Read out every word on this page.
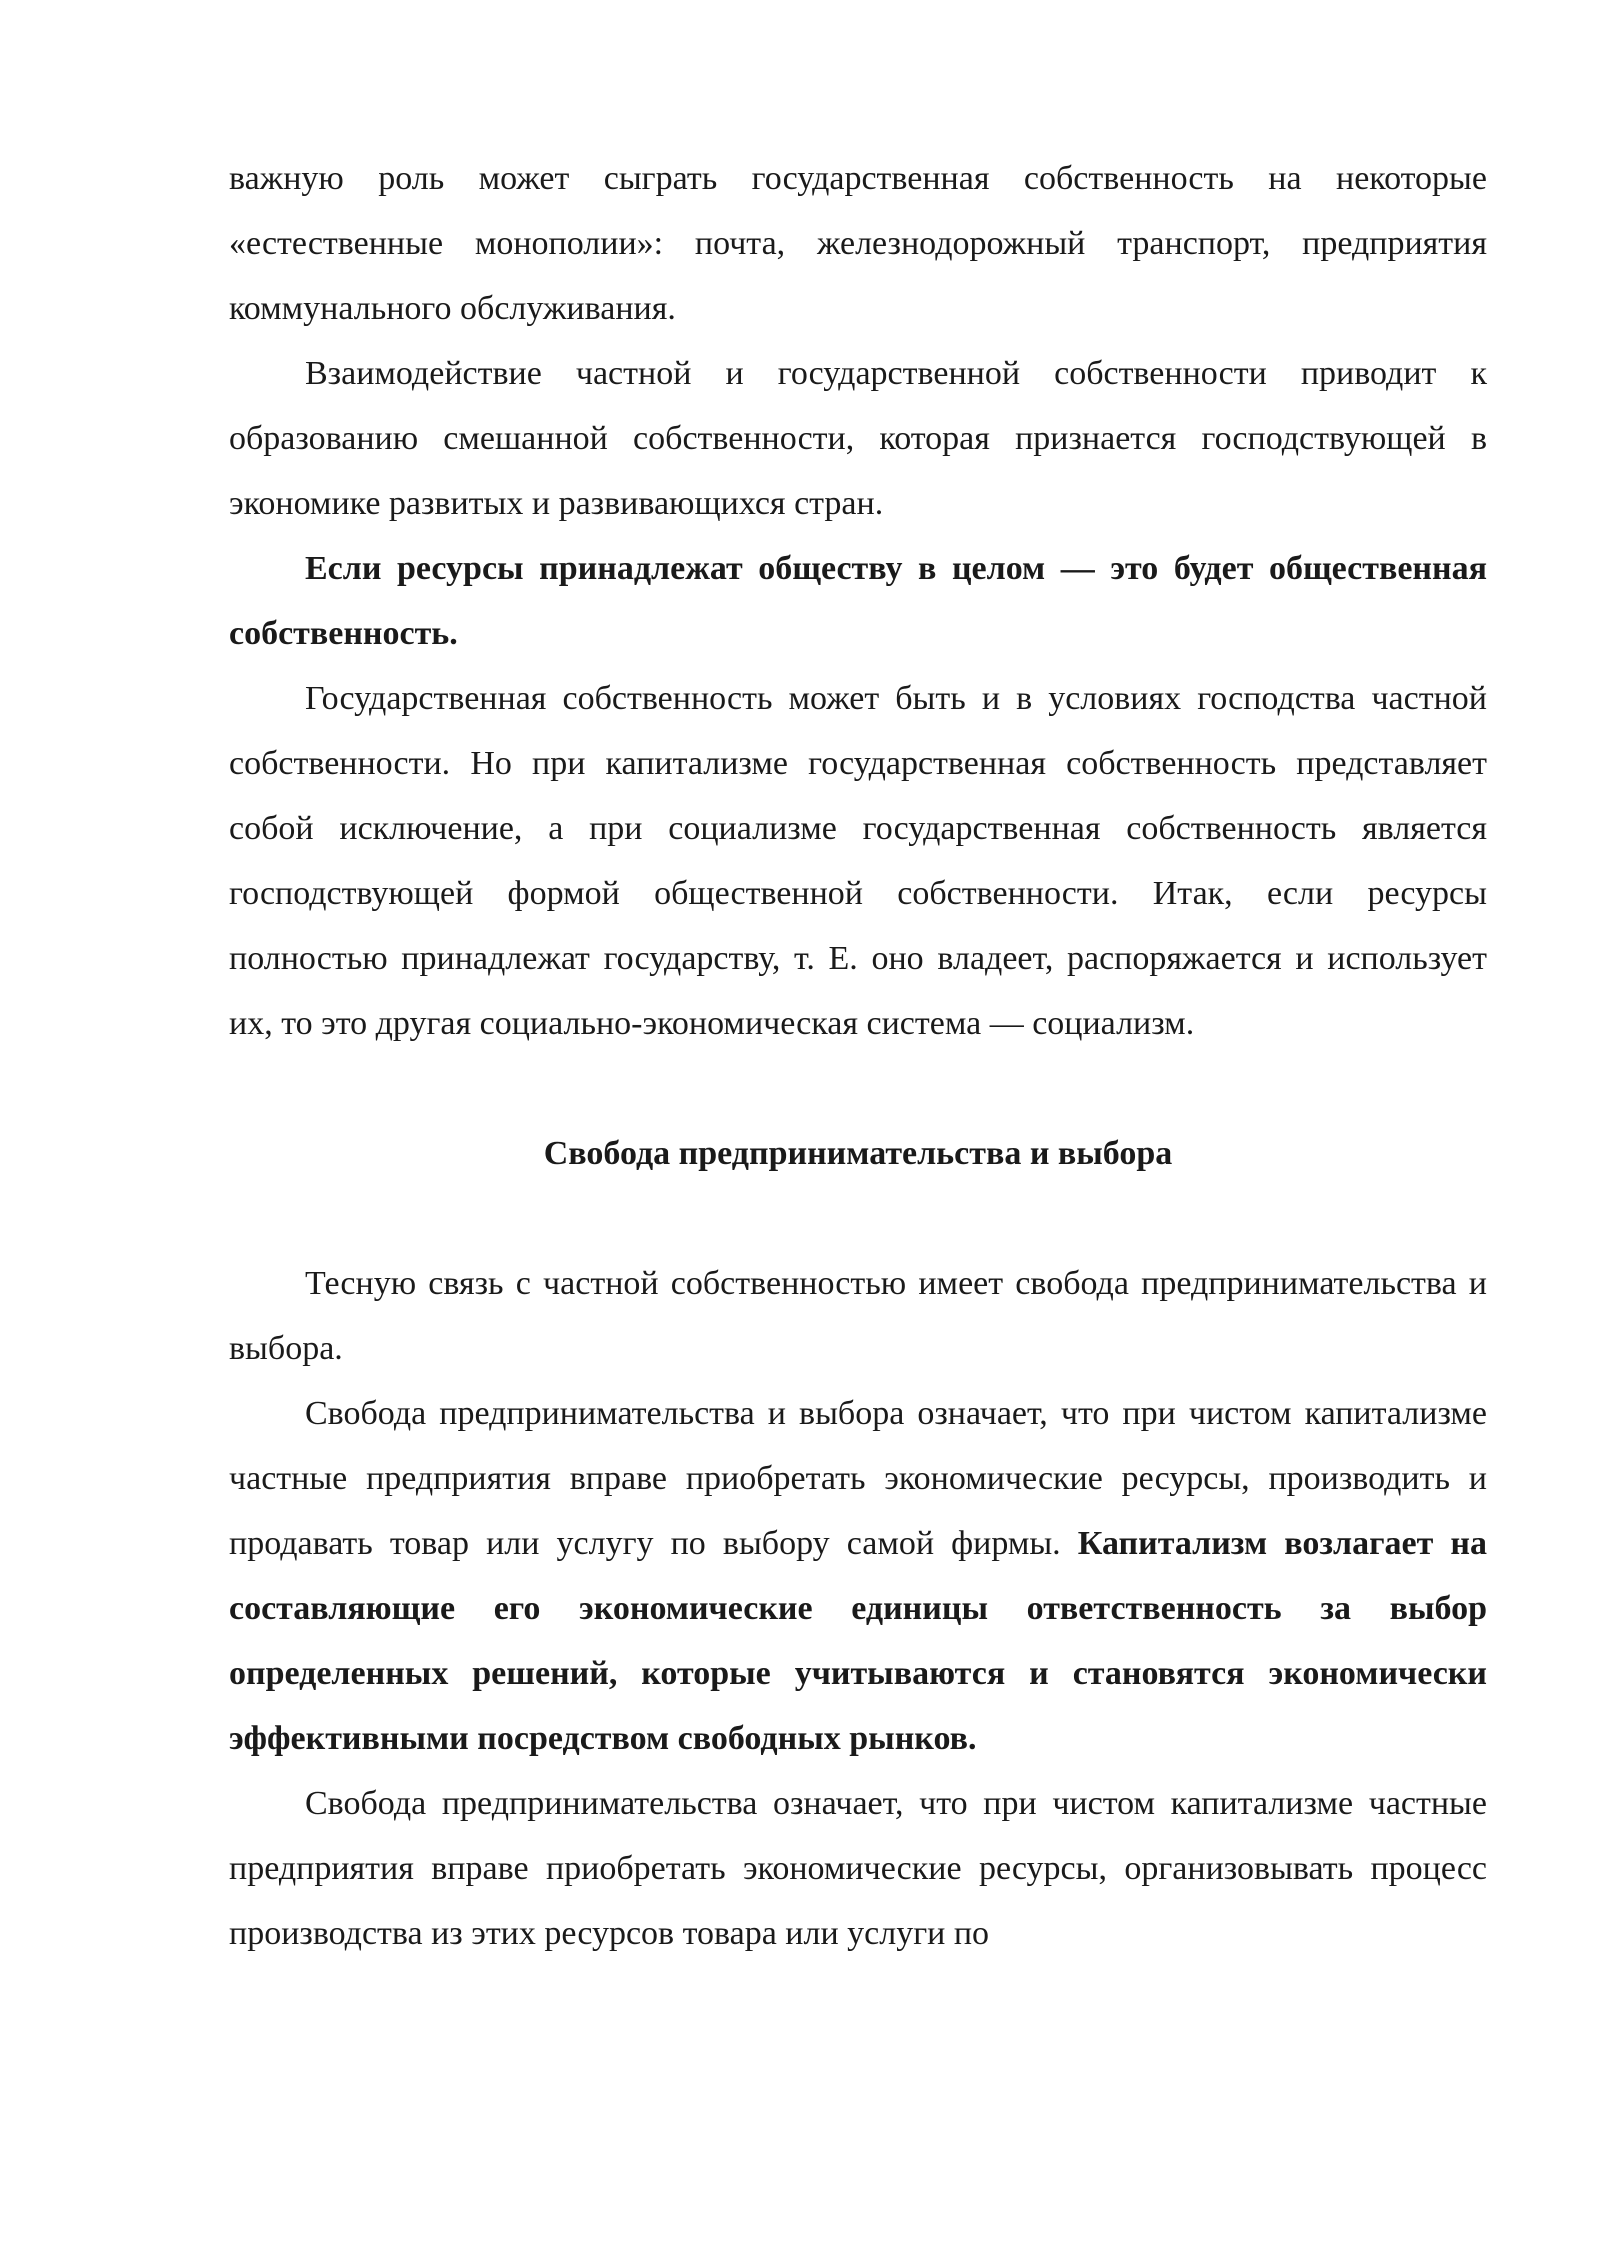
важную роль может сыграть государственная собственность на некоторые «естественные монополии»: почта, железнодорожный транспорт, предприятия коммунального обслуживания.

Взаимодействие частной и государственной собственности приводит к образованию смешанной собственности, которая признается господствующей в экономике развитых и развивающихся стран.

Если ресурсы принадлежат обществу в целом — это будет общественная собственность.

Государственная собственность может быть и в условиях господства частной собственности. Но при капитализме государственная собственность представляет собой исключение, а при социализме государственная собственность является господствующей формой общественной собственности. Итак, если ресурсы полностью принадлежат государству, т. Е. оно владеет, распоряжается и использует их, то это другая социально-экономическая система — социализм.

Свобода предпринимательства и выбора

Тесную связь с частной собственностью имеет свобода предпринимательства и выбора.

Свобода предпринимательства и выбора означает, что при чистом капитализме частные предприятия вправе приобретать экономические ресурсы, производить и продавать товар или услугу по выбору самой фирмы. Капитализм возлагает на составляющие его экономические единицы ответственность за выбор определенных решений, которые учитываются и становятся экономически эффективными посредством свободных рынков.

Свобода предпринимательства означает, что при чистом капитализме частные предприятия вправе приобретать экономические ресурсы, организовывать процесс производства из этих ресурсов товара или услуги по
